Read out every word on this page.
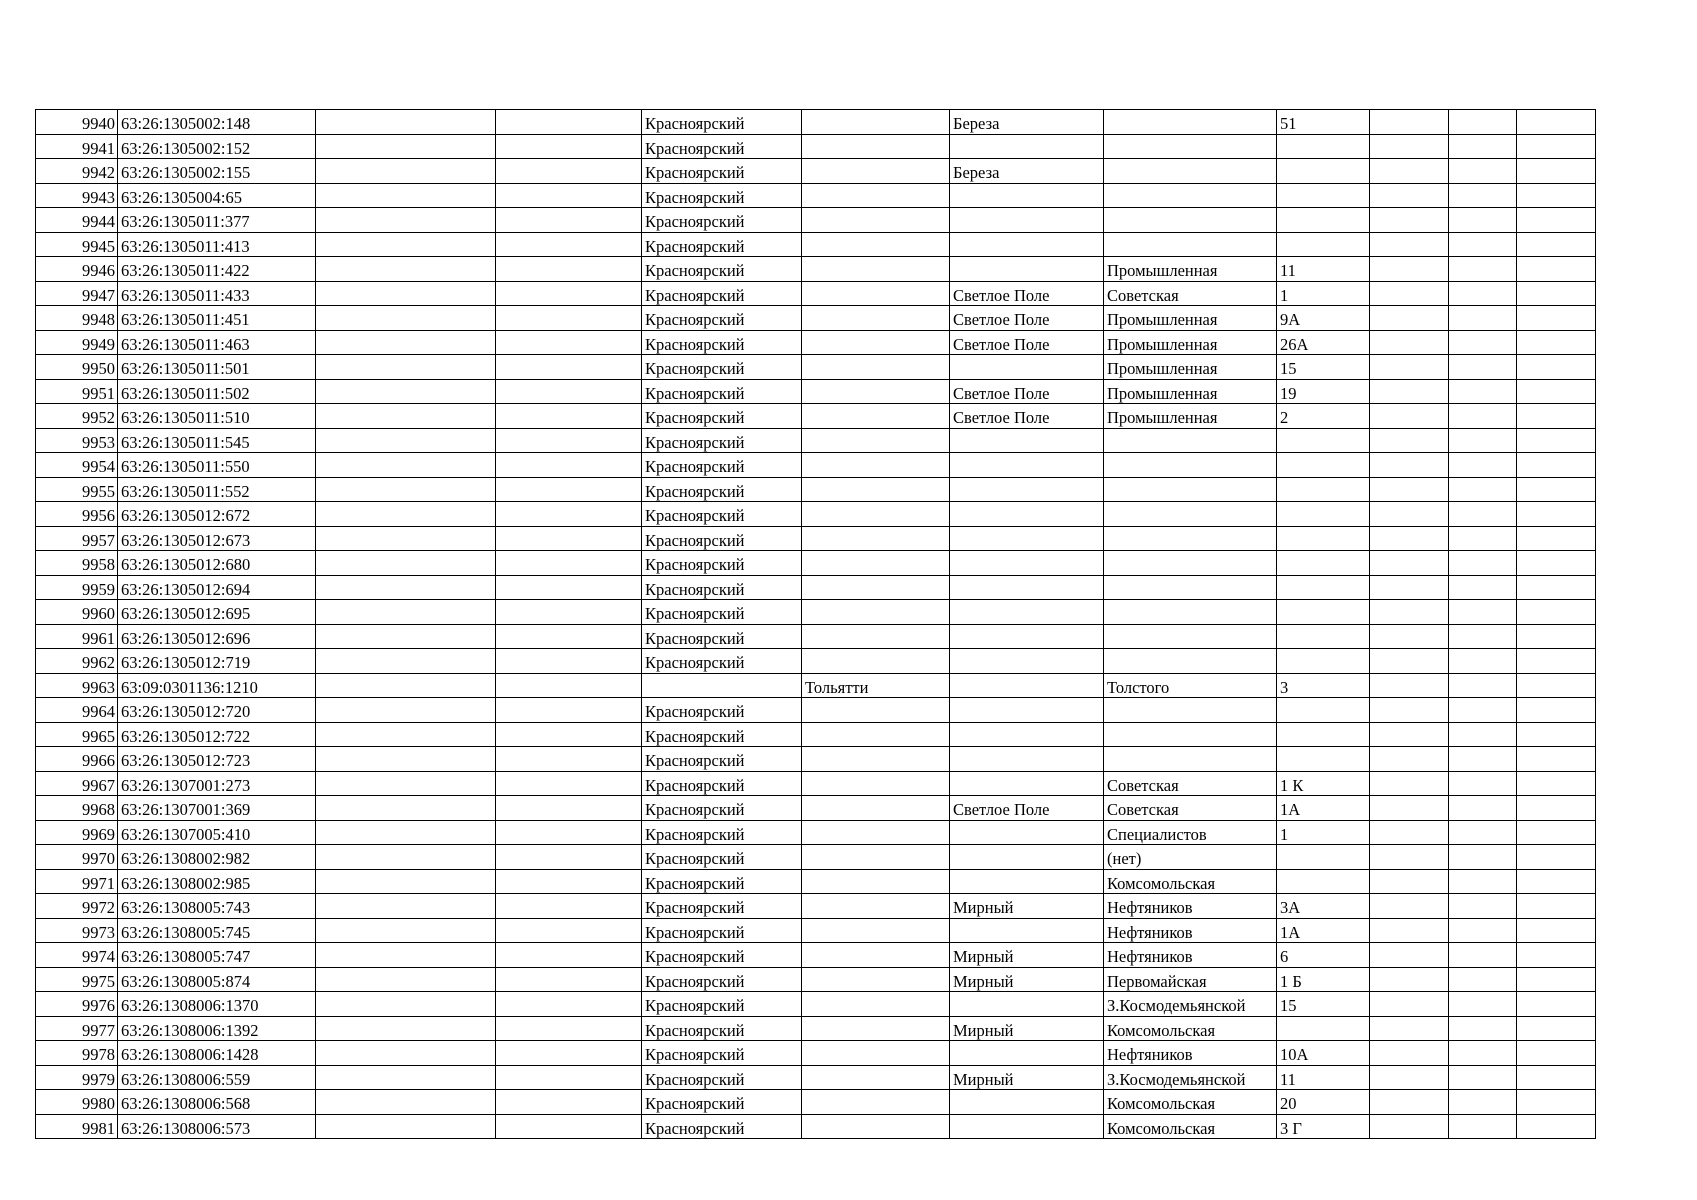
9940	63:26:1305002:148			Красноярский		Береза		51			
9941	63:26:1305002:152			Красноярский							
9942	63:26:1305002:155			Красноярский		Береза					
9943	63:26:1305004:65			Красноярский							
9944	63:26:1305011:377			Красноярский							
9945	63:26:1305011:413			Красноярский							
9946	63:26:1305011:422			Красноярский			Промышленная	11			
9947	63:26:1305011:433			Красноярский		Светлое Поле	Советская	1			
9948	63:26:1305011:451			Красноярский		Светлое Поле	Промышленная	9А			
9949	63:26:1305011:463			Красноярский		Светлое Поле	Промышленная	26А			
9950	63:26:1305011:501			Красноярский			Промышленная	15			
9951	63:26:1305011:502			Красноярский		Светлое Поле	Промышленная	19			
9952	63:26:1305011:510			Красноярский		Светлое Поле	Промышленная	2			
9953	63:26:1305011:545			Красноярский							
9954	63:26:1305011:550			Красноярский							
9955	63:26:1305011:552			Красноярский							
9956	63:26:1305012:672			Красноярский							
9957	63:26:1305012:673			Красноярский							
9958	63:26:1305012:680			Красноярский							
9959	63:26:1305012:694			Красноярский							
9960	63:26:1305012:695			Красноярский							
9961	63:26:1305012:696			Красноярский							
9962	63:26:1305012:719			Красноярский							
9963	63:09:0301136:1210				Тольятти		Толстого	3			
9964	63:26:1305012:720			Красноярский							
9965	63:26:1305012:722			Красноярский							
9966	63:26:1305012:723			Красноярский							
9967	63:26:1307001:273			Красноярский			Советская	1 К			
9968	63:26:1307001:369			Красноярский		Светлое Поле	Советская	1А			
9969	63:26:1307005:410			Красноярский			Специалистов	1			
9970	63:26:1308002:982			Красноярский			(нет)				
9971	63:26:1308002:985			Красноярский			Комсомольская				
9972	63:26:1308005:743			Красноярский		Мирный	Нефтяников	3А			
9973	63:26:1308005:745			Красноярский			Нефтяников	1А			
9974	63:26:1308005:747			Красноярский		Мирный	Нефтяников	6			
9975	63:26:1308005:874			Красноярский		Мирный	Первомайская	1 Б			
9976	63:26:1308006:1370			Красноярский			З.Космодемьянской	15			
9977	63:26:1308006:1392			Красноярский		Мирный	Комсомольская				
9978	63:26:1308006:1428			Красноярский			Нефтяников	10А			
9979	63:26:1308006:559			Красноярский		Мирный	З.Космодемьянской	11			
9980	63:26:1308006:568			Красноярский			Комсомольская	20			
9981	63:26:1308006:573			Красноярский			Комсомольская	3 Г			
